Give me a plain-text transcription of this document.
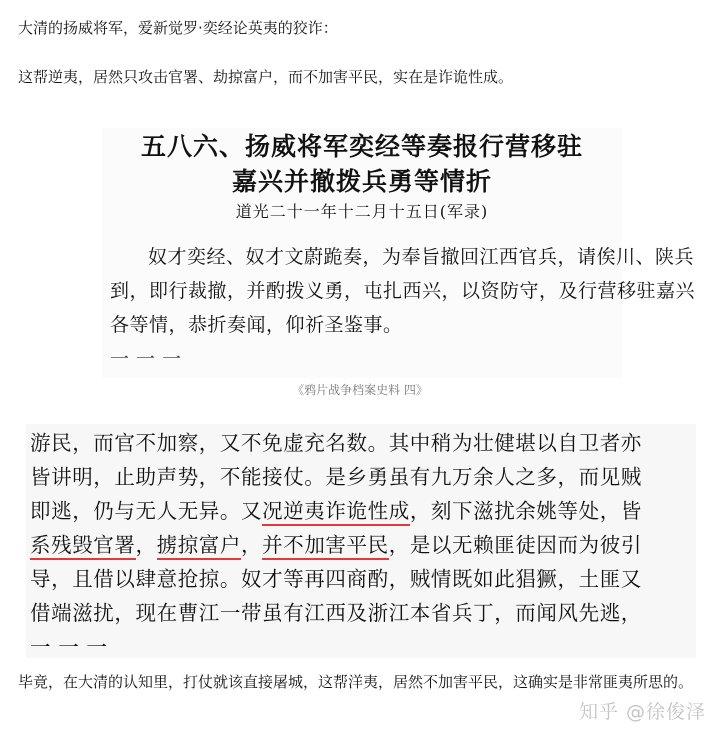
大清的扬威将军，爱新觉罗·奕经论英夷的狡诈：
这帮逆夷，居然只攻击官署、劫掠富户，而不加害平民，实在是诈诡性成。
五八六、扬威将军奕经等奏报行营移驻
嘉兴并撤拨兵勇等情折
道光二十一年十二月十五日(军录)
奴才奕经、奴才文蔚跪奏，为奉旨撤回江西官兵，请俟川、陕兵
到，即行裁撤，并酌拨义勇，屯扎西兴，以资防守，及行营移驻嘉兴
各等情，恭折奏闻，仰祈圣鉴事。
一 一 一
《鸦片战争档案史料 四》
游民，而官不加察，又不免虚充名数。其中稍为壮健堪以自卫者亦
皆讲明，止助声势，不能接仗。是乡勇虽有九万余人之多，而见贼
即逃，仍与无人无异。又况逆夷诈诡性成，刻下滋扰余姚等处，皆
系残毁官署，掳掠富户，并不加害平民，是以无赖匪徒因而为彼引
导，且借以肆意抢掠。奴才等再四商酌，贼情既如此猖獗，土匪又
借端滋扰，现在曹江一带虽有江西及浙江本省兵丁，而闻风先逃，
一 一 一
毕竟，在大清的认知里，打仗就该直接屠城，这帮洋夷，居然不加害平民，这确实是非常匪夷所思的。
知乎 @徐俊泽
